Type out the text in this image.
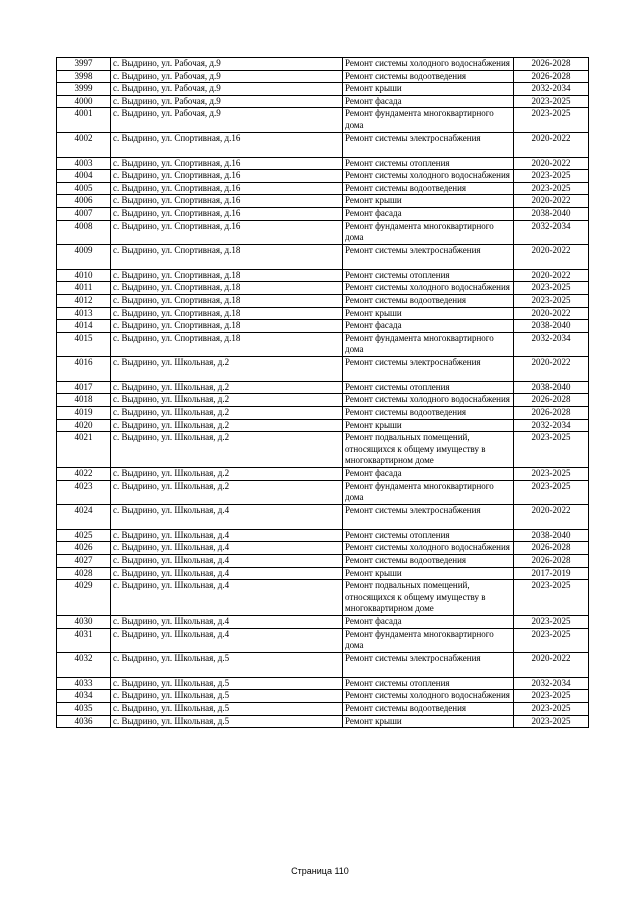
3997	с. Выдрино, ул. Рабочая, д.9	Ремонт системы холодного водоснабжения	2026-2028
3998	с. Выдрино, ул. Рабочая, д.9	Ремонт системы водоотведения	2026-2028
3999	с. Выдрино, ул. Рабочая, д.9	Ремонт крыши	2032-2034
4000	с. Выдрино, ул. Рабочая, д.9	Ремонт фасада	2023-2025
4001	с. Выдрино, ул. Рабочая, д.9	Ремонт фундамента многоквартирного дома	2023-2025
4002	с. Выдрино, ул. Спортивная, д.16	Ремонт системы электроснабжения	2020-2022
4003	с. Выдрино, ул. Спортивная, д.16	Ремонт системы отопления	2020-2022
4004	с. Выдрино, ул. Спортивная, д.16	Ремонт системы холодного водоснабжения	2023-2025
4005	с. Выдрино, ул. Спортивная, д.16	Ремонт системы водоотведения	2023-2025
4006	с. Выдрино, ул. Спортивная, д.16	Ремонт крыши	2020-2022
4007	с. Выдрино, ул. Спортивная, д.16	Ремонт фасада	2038-2040
4008	с. Выдрино, ул. Спортивная, д.16	Ремонт фундамента многоквартирного дома	2032-2034
4009	с. Выдрино, ул. Спортивная, д.18	Ремонт системы электроснабжения	2020-2022
4010	с. Выдрино, ул. Спортивная, д.18	Ремонт системы отопления	2020-2022
4011	с. Выдрино, ул. Спортивная, д.18	Ремонт системы холодного водоснабжения	2023-2025
4012	с. Выдрино, ул. Спортивная, д.18	Ремонт системы водоотведения	2023-2025
4013	с. Выдрино, ул. Спортивная, д.18	Ремонт крыши	2020-2022
4014	с. Выдрино, ул. Спортивная, д.18	Ремонт фасада	2038-2040
4015	с. Выдрино, ул. Спортивная, д.18	Ремонт фундамента многоквартирного дома	2032-2034
4016	с. Выдрино, ул. Школьная, д.2	Ремонт системы электроснабжения	2020-2022
4017	с. Выдрино, ул. Школьная, д.2	Ремонт системы отопления	2038-2040
4018	с. Выдрино, ул. Школьная, д.2	Ремонт системы холодного водоснабжения	2026-2028
4019	с. Выдрино, ул. Школьная, д.2	Ремонт системы водоотведения	2026-2028
4020	с. Выдрино, ул. Школьная, д.2	Ремонт крыши	2032-2034
4021	с. Выдрино, ул. Школьная, д.2	Ремонт подвальных помещений, относящихся к общему имуществу в многоквартирном доме	2023-2025
4022	с. Выдрино, ул. Школьная, д.2	Ремонт фасада	2023-2025
4023	с. Выдрино, ул. Школьная, д.2	Ремонт фундамента многоквартирного дома	2023-2025
4024	с. Выдрино, ул. Школьная, д.4	Ремонт системы электроснабжения	2020-2022
4025	с. Выдрино, ул. Школьная, д.4	Ремонт системы отопления	2038-2040
4026	с. Выдрино, ул. Школьная, д.4	Ремонт системы холодного водоснабжения	2026-2028
4027	с. Выдрино, ул. Школьная, д.4	Ремонт системы водоотведения	2026-2028
4028	с. Выдрино, ул. Школьная, д.4	Ремонт крыши	2017-2019
4029	с. Выдрино, ул. Школьная, д.4	Ремонт подвальных помещений, относящихся к общему имуществу в многоквартирном доме	2023-2025
4030	с. Выдрино, ул. Школьная, д.4	Ремонт фасада	2023-2025
4031	с. Выдрино, ул. Школьная, д.4	Ремонт фундамента многоквартирного дома	2023-2025
4032	с. Выдрино, ул. Школьная, д.5	Ремонт системы электроснабжения	2020-2022
4033	с. Выдрино, ул. Школьная, д.5	Ремонт системы отопления	2032-2034
4034	с. Выдрино, ул. Школьная, д.5	Ремонт системы холодного водоснабжения	2023-2025
4035	с. Выдрино, ул. Школьная, д.5	Ремонт системы водоотведения	2023-2025
4036	с. Выдрино, ул. Школьная, д.5	Ремонт крыши	2023-2025
Страница 110
